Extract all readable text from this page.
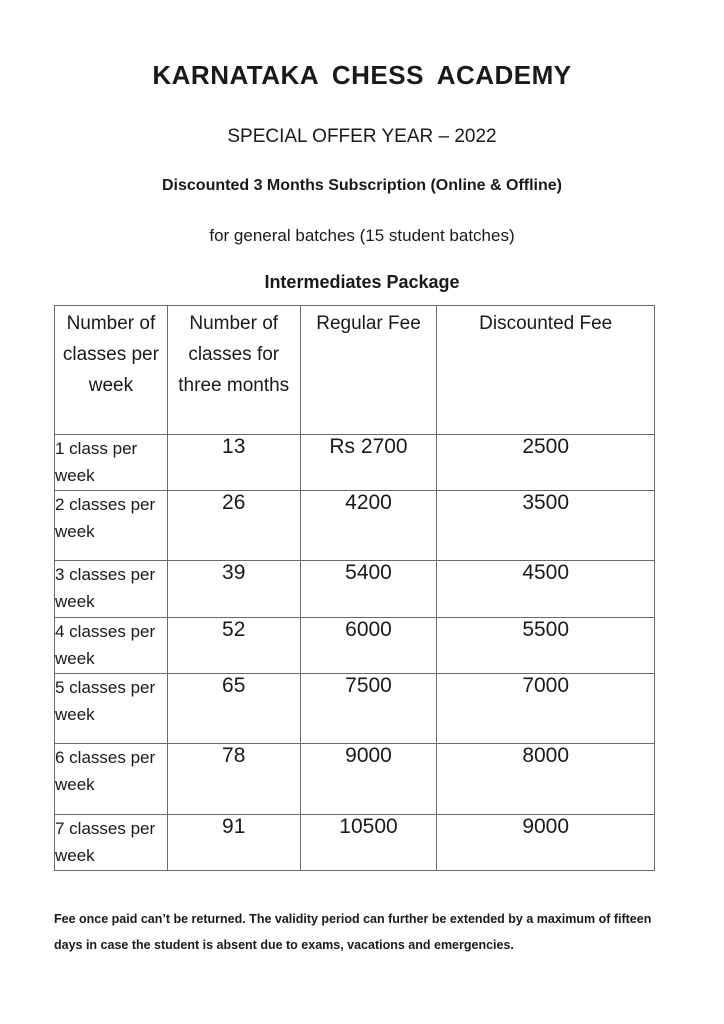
KARNATAKA CHESS ACADEMY
SPECIAL OFFER YEAR – 2022
Discounted 3 Months Subscription (Online & Offline)
for general batches (15 student batches)
Intermediates Package
Number of classes per week	Number of classes for three months	Regular Fee	Discounted Fee
1 class per week	13	Rs 2700	2500
2 classes per week	26	4200	3500
3 classes per week	39	5400	4500
4 classes per week	52	6000	5500
5 classes per week	65	7500	7000
6 classes per week	78	9000	8000
7 classes per week	91	10500	9000
Fee once paid can’t be returned. The validity period can further be extended by a maximum of fifteen days in case the student is absent due to exams, vacations and emergencies.
